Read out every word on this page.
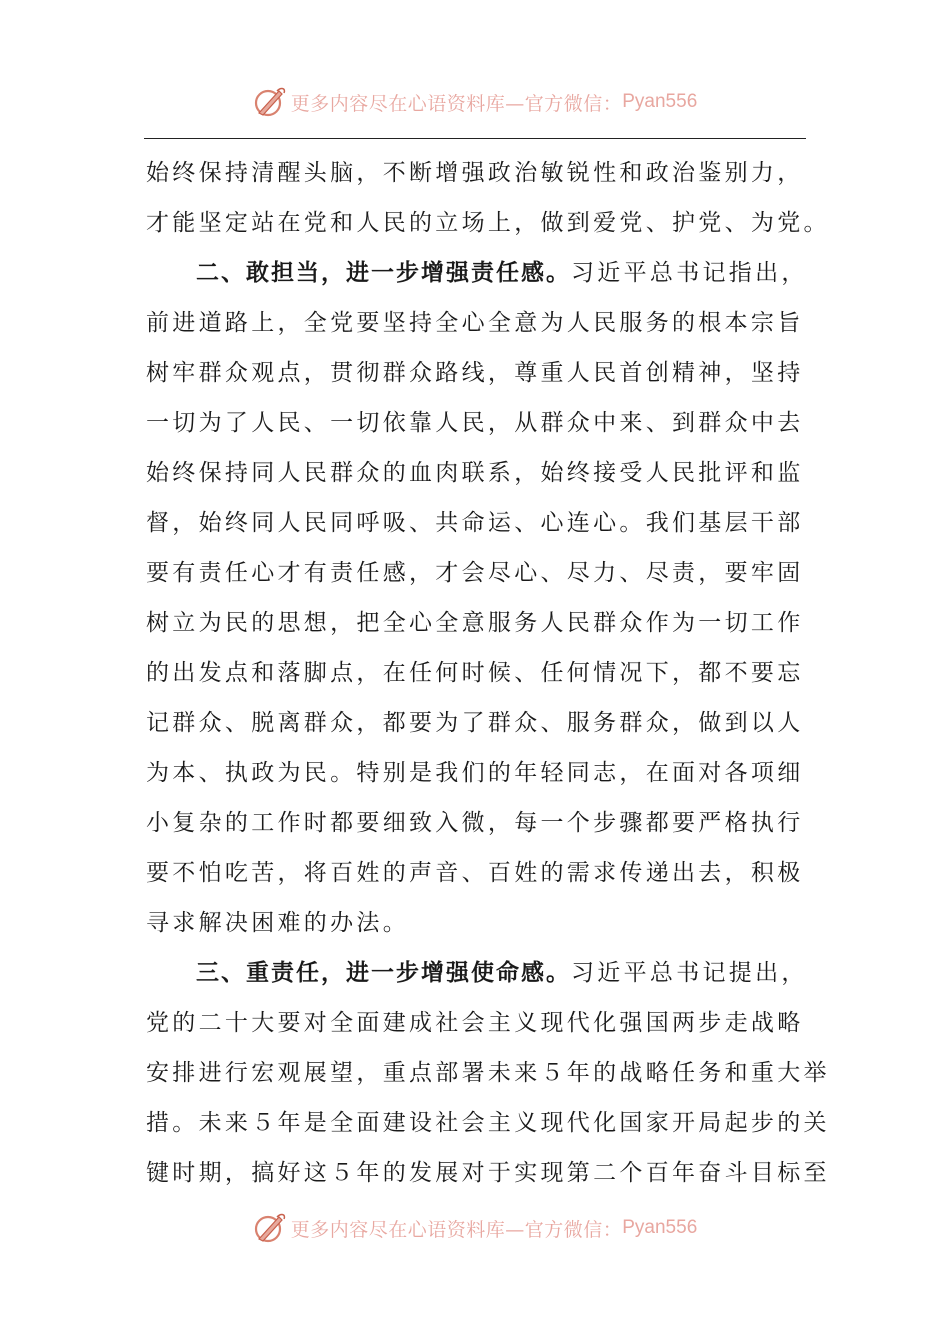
更多内容尽在心语资料库—官方微信： Pyan556
始终保持清醒头脑，不断增强政治敏锐性和政治鉴别力，
才能坚定站在党和人民的立场上，做到爱党、护党、为党。
二、敢担当，进一步增强责任感。习近平总书记指出，
前进道路上，全党要坚持全心全意为人民服务的根本宗旨
树牢群众观点，贯彻群众路线，尊重人民首创精神，坚持
一切为了人民、一切依靠人民，从群众中来、到群众中去
始终保持同人民群众的血肉联系，始终接受人民批评和监
督，始终同人民同呼吸、共命运、心连心。我们基层干部
要有责任心才有责任感，才会尽心、尽力、尽责，要牢固
树立为民的思想，把全心全意服务人民群众作为一切工作
的出发点和落脚点，在任何时候、任何情况下，都不要忘
记群众、脱离群众，都要为了群众、服务群众，做到以人
为本、执政为民。特别是我们的年轻同志，在面对各项细
小复杂的工作时都要细致入微，每一个步骤都要严格执行
要不怕吃苦，将百姓的声音、百姓的需求传递出去，积极
寻求解决困难的办法。
三、重责任，进一步增强使命感。习近平总书记提出，
党的二十大要对全面建成社会主义现代化强国两步走战略
安排进行宏观展望，重点部署未来５年的战略任务和重大举
措。未来５年是全面建设社会主义现代化国家开局起步的关
键时期，搞好这５年的发展对于实现第二个百年奋斗目标至
更多内容尽在心语资料库—官方微信： Pyan556
